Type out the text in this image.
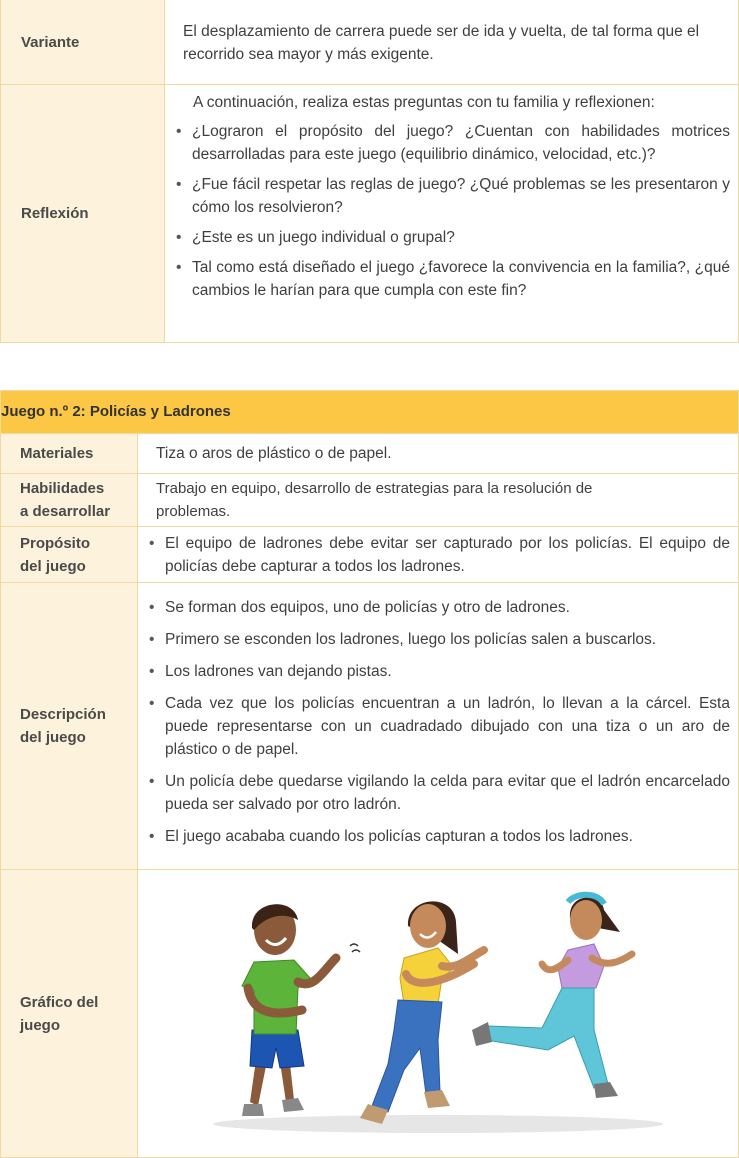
Variante
El desplazamiento de carrera puede ser de ida y vuelta, de tal forma que el recorrido sea mayor y más exigente.
Reflexión
A continuación, realiza estas preguntas con tu familia y reflexionen:
• ¿Lograron el propósito del juego? ¿Cuentan con habilidades motrices desarrolladas para este juego (equilibrio dinámico, velocidad, etc.)?
• ¿Fue fácil respetar las reglas de juego? ¿Qué problemas se les presentaron y cómo los resolvieron?
• ¿Este es un juego individual o grupal?
• Tal como está diseñado el juego ¿favorece la convivencia en la familia?, ¿qué cambios le harían para que cumpla con este fin?
Juego n.º 2: Policías y Ladrones
Materiales	Tiza o aros de plástico o de papel.
Habilidades
a desarrollar
Trabajo en equipo, desarrollo de estrategias para la resolución de
problemas.
Propósito
del juego
• El equipo de ladrones debe evitar ser capturado por los policías. El equipo de policías debe capturar a todos los ladrones.
Descripción
del juego
• Se forman dos equipos, uno de policías y otro de ladrones.
• Primero se esconden los ladrones, luego los policías salen a buscarlos.
• Los ladrones van dejando pistas.
• Cada vez que los policías encuentran a un ladrón, lo llevan a la cárcel. Esta puede representarse con un cuadradado dibujado con una tiza o un aro de plástico o de papel.
• Un policía debe quedarse vigilando la celda para evitar que el ladrón encarcelado pueda ser salvado por otro ladrón.
• El juego acababa cuando los policías capturan a todos los ladrones.
Gráfico del
juego
